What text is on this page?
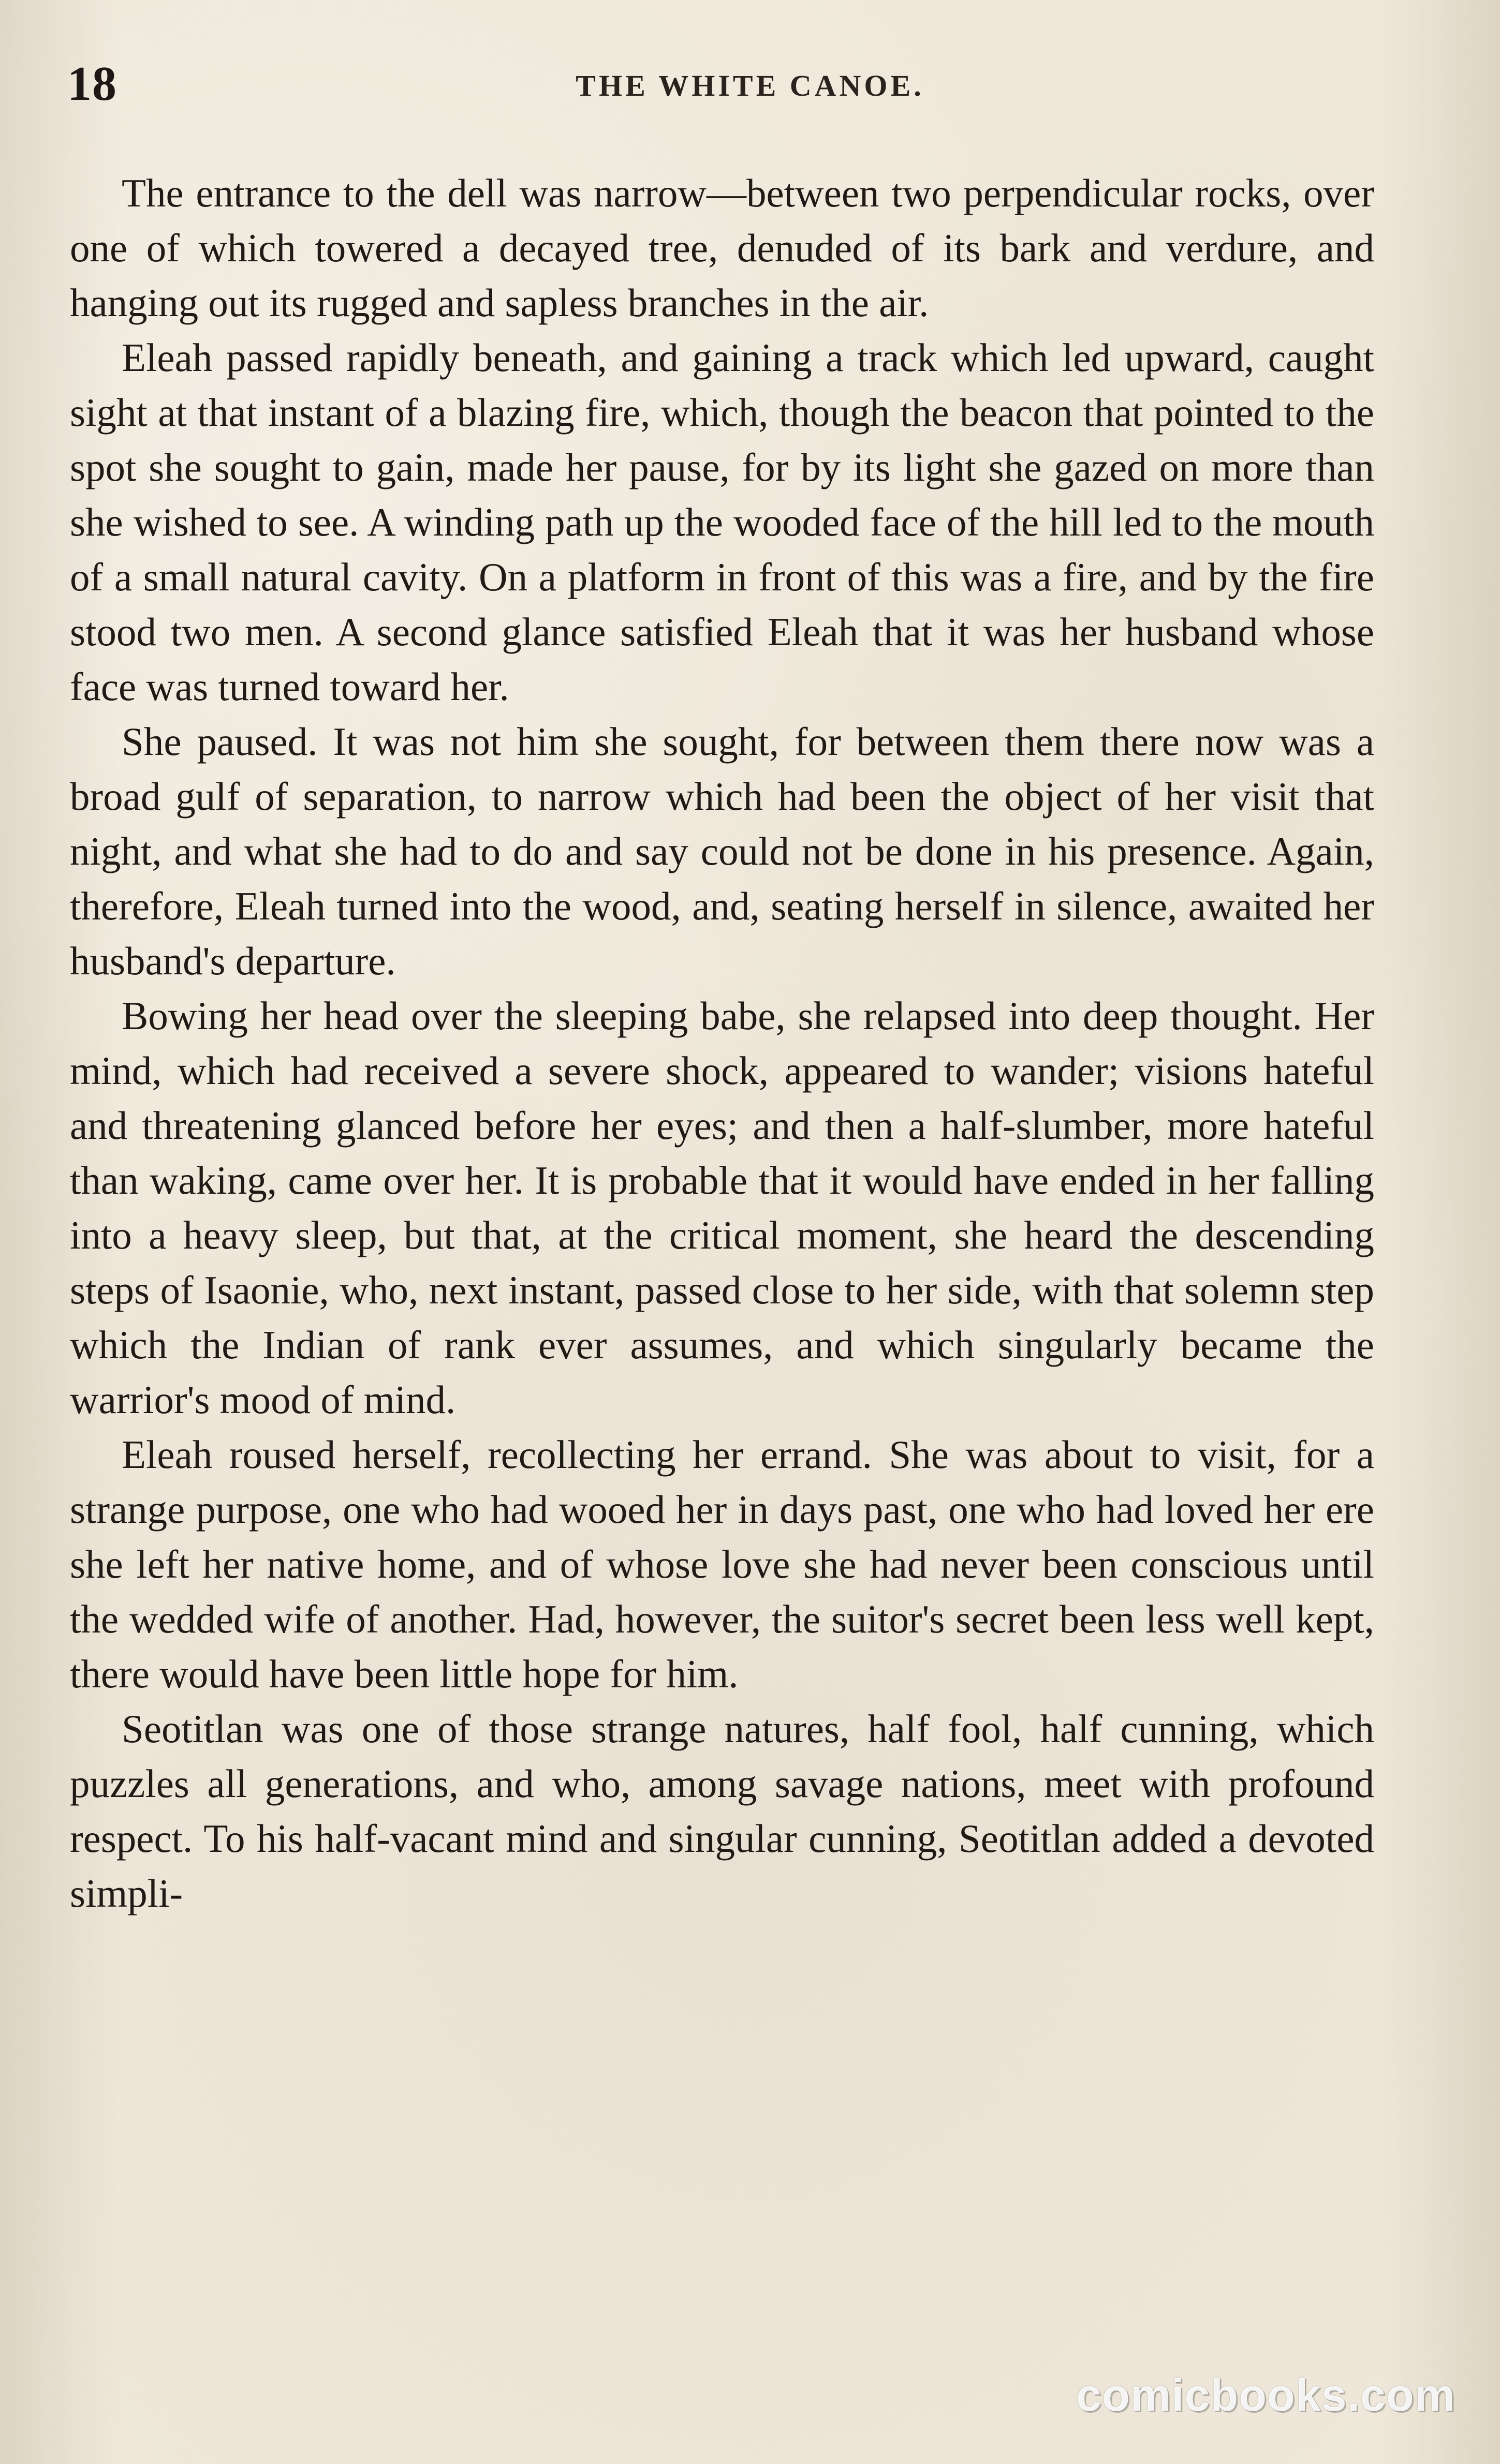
18	THE WHITE CANOE.

The entrance to the dell was narrow—between two perpendicular rocks, over one of which towered a decayed tree, denuded of its bark and verdure, and hanging out its rugged and sapless branches in the air.

Eleah passed rapidly beneath, and gaining a track which led upward, caught sight at that instant of a blazing fire, which, though the beacon that pointed to the spot she sought to gain, made her pause, for by its light she gazed on more than she wished to see. A winding path up the wooded face of the hill led to the mouth of a small natural cavity. On a platform in front of this was a fire, and by the fire stood two men. A second glance satisfied Eleah that it was her husband whose face was turned toward her.

She paused. It was not him she sought, for between them there now was a broad gulf of separation, to narrow which had been the object of her visit that night, and what she had to do and say could not be done in his presence. Again, therefore, Eleah turned into the wood, and, seating herself in silence, awaited her husband's departure.

Bowing her head over the sleeping babe, she relapsed into deep thought. Her mind, which had received a severe shock, appeared to wander; visions hateful and threatening glanced before her eyes; and then a half-slumber, more hateful than waking, came over her. It is probable that it would have ended in her falling into a heavy sleep, but that, at the critical moment, she heard the descending steps of Isaonie, who, next instant, passed close to her side, with that solemn step which the Indian of rank ever assumes, and which singularly became the warrior's mood of mind.

Eleah roused herself, recollecting her errand. She was about to visit, for a strange purpose, one who had wooed her in days past, one who had loved her ere she left her native home, and of whose love she had never been conscious until the wedded wife of another. Had, however, the suitor's secret been less well kept, there would have been little hope for him.

Seotitlan was one of those strange natures, half fool, half cunning, which puzzles all generations, and who, among savage nations, meet with profound respect. To his half-vacant mind and singular cunning, Seotitlan added a devoted simpli-

comicbooks.com
